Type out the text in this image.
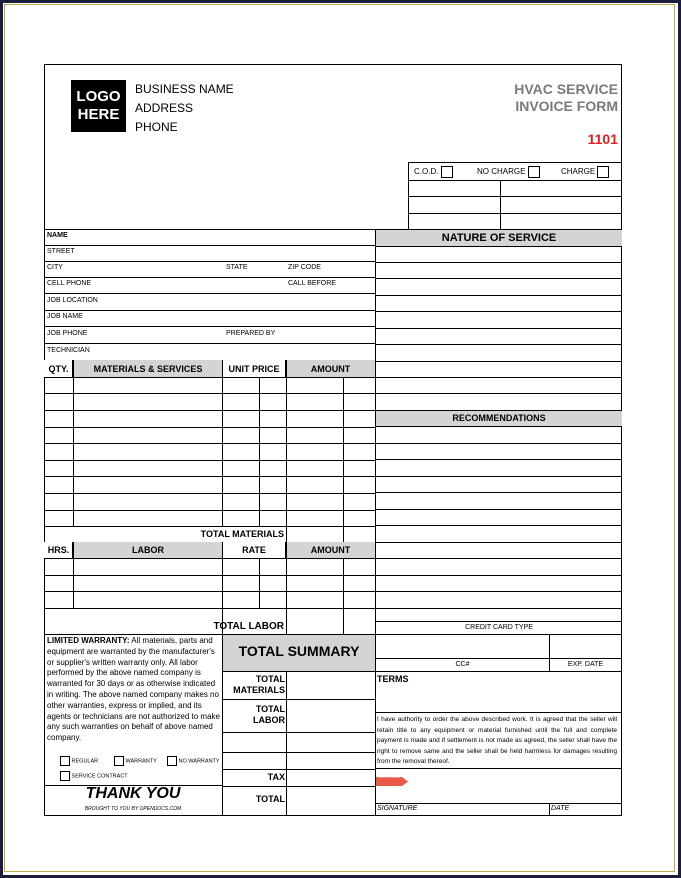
LOGO
HERE
BUSINESS NAME
ADDRESS
PHONE
HVAC SERVICE
INVOICE FORM
1101
C.O.D.	NO CHARGE	CHARGE
NAME
STREET
CITY	STATE	ZIP CODE
CELL PHONE	CALL BEFORE
JOB LOCATION
JOB NAME
JOB PHONE	PREPARED BY
TECHNICIAN
QTY.	MATERIALS & SERVICES	UNIT PRICE	AMOUNT
TOTAL MATERIALS
HRS.	LABOR	RATE	AMOUNT
TOTAL LABOR
NATURE OF SERVICE
RECOMMENDATIONS
CREDIT CARD TYPE
CC#	EXP. DATE
TERMS
I have authority to order the above described work. It is agreed that the seller will retain title to any equipment or material furnished until the full and complete payment is made and if settlement is not made as agreed, the seller shall have the right to remove same and the seller shall be held harmless for damages resulting from the removal thereof.
SIGN HERE
SIGNATURE	DATE
LIMITED WARRANTY: All materials, parts and equipment are warranted by the manufacturer's or supplier's written warranty only. All labor performed by the above named company is warranted for 30 days or as otherwise indicated in writing. The above named company makes no other warranties, express or implied, and its agents or technicians are not authorized to make any such warranties on behalf of above named company.
REGULAR	WARRANTY	NO WARRANTY
SERVICE CONTRACT
THANK YOU
BROUGHT TO YOU BY OPENDOCS.COM
TOTAL SUMMARY
TOTAL
MATERIALS
TOTAL
LABOR
TAX
TOTAL
